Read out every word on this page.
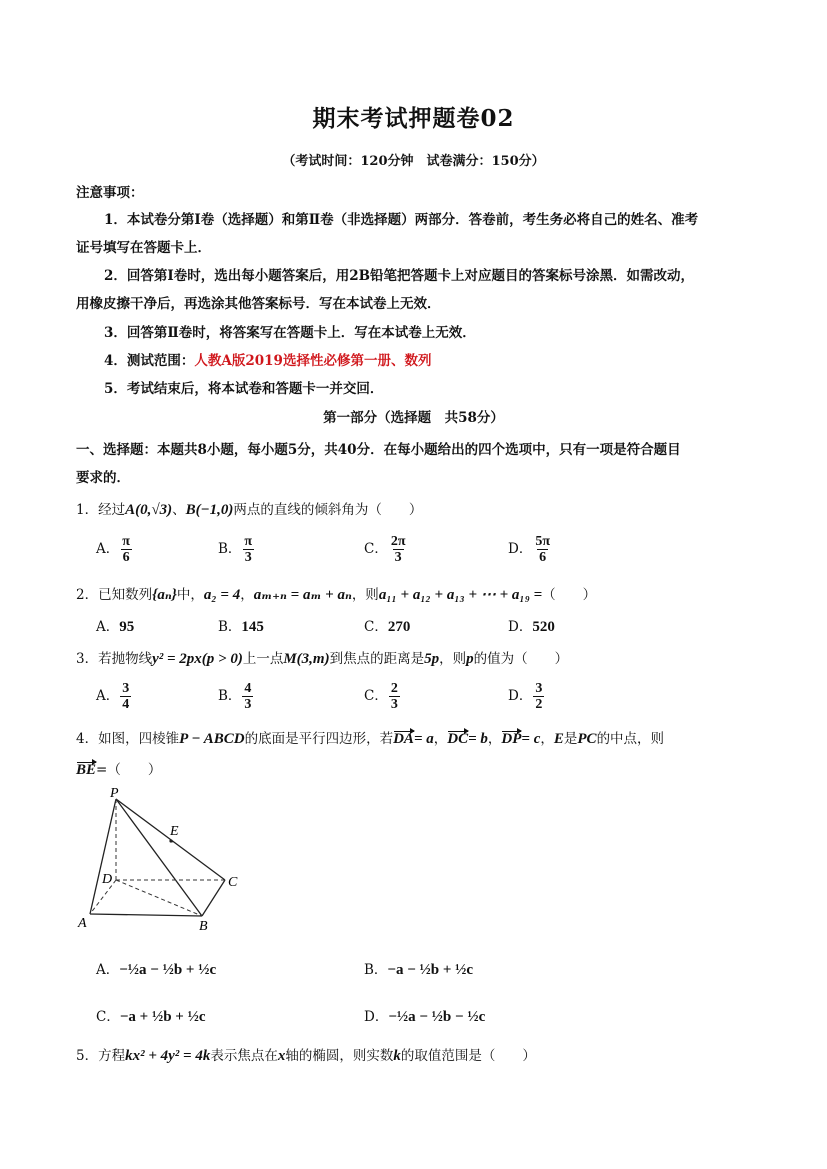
期末考试押题卷02
（考试时间：120分钟　试卷满分：150分）
注意事项：
1．本试卷分第Ⅰ卷（选择题）和第Ⅱ卷（非选择题）两部分．答卷前，考生务必将自己的姓名、准考
证号填写在答题卡上．
2．回答第Ⅰ卷时，选出每小题答案后，用2B铅笔把答题卡上对应题目的答案标号涂黑．如需改动，
用橡皮擦干净后，再选涂其他答案标号．写在本试卷上无效．
3．回答第Ⅱ卷时，将答案写在答题卡上．写在本试卷上无效．
4．测试范围：人教A版2019选择性必修第一册、数列
5．考试结束后，将本试卷和答题卡一并交回．
第一部分（选择题　共58分）
一、选择题：本题共8小题，每小题5分，共40分．在每小题给出的四个选项中，只有一项是符合题目
要求的．
1．经过A(0,√3)、B(−1,0)两点的直线的倾斜角为（　　）
A． $\frac{\pi}{6}$	B． $\frac{\pi}{3}$	C． $\frac{2\pi}{3}$	D． $\frac{5\pi}{6}$
2．已知数列{aₙ}中，a₂ = 4，aₘ₊ₙ = aₘ + aₙ，则a₁₁ + a₁₂ + a₁₃ + ⋯ + a₁₉ =（　　）
A．95	B．145	C．270	D．520
3．若抛物线y² = 2px(p > 0)上一点M(3,m)到焦点的距离是5p，则p的值为（　　）
A． $\frac{3}{4}$	B． $\frac{4}{3}$	C． $\frac{2}{3}$	D． $\frac{3}{2}$
4．如图，四棱锥P − ABCD的底面是平行四边形，若DA= a，DC= b，DP= c，E是PC的中点，则
BE=（　　）
P
E
D	C
A	B
A．−½a − ½b + ½c	B．−a − ½b + ½c
C．−a + ½b + ½c	D．−½a − ½b − ½c
5．方程kx² + 4y² = 4k表示焦点在x轴的椭圆，则实数k的取值范围是（　　）
